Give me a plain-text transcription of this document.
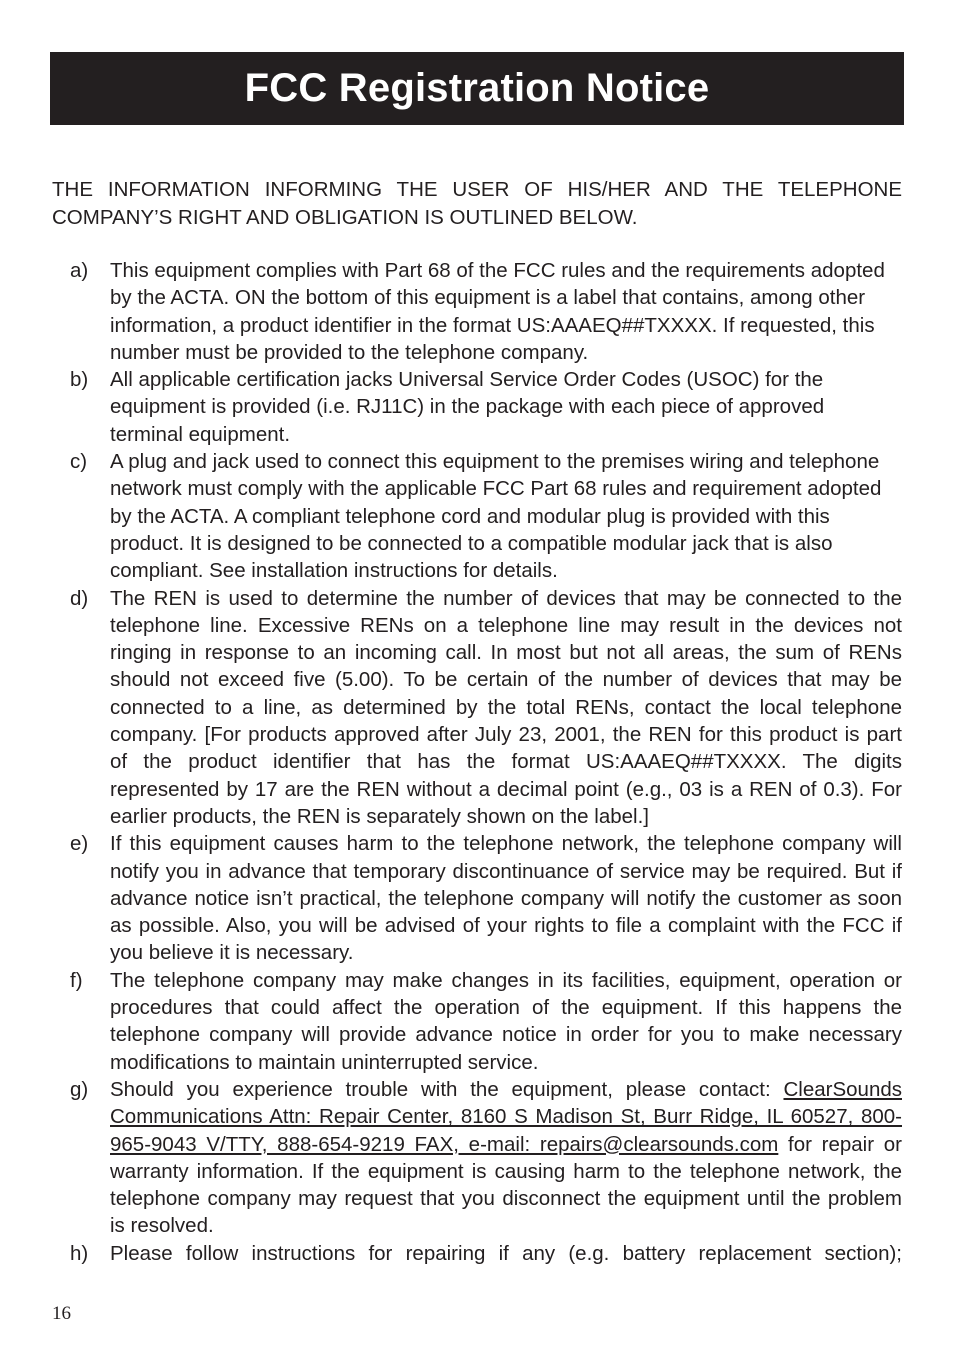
FCC Registration Notice

THE INFORMATION INFORMING THE USER OF HIS/HER AND THE TELEPHONE COMPANY’S RIGHT AND OBLIGATION IS OUTLINED BELOW.

a) This equipment complies with Part 68 of the FCC rules and the requirements adopted by the ACTA. ON the bottom of this equipment is a label that contains, among other information, a product identifier in the format US:AAAEQ##TXXXX. If requested, this number must be provided to the telephone company.
b) All applicable certification jacks Universal Service Order Codes (USOC) for the equipment is provided (i.e. RJ11C) in the package with each piece of approved terminal equipment.
c) A plug and jack used to connect this equipment to the premises wiring and telephone network must comply with the applicable FCC Part 68 rules and requirement adopted by the ACTA. A compliant telephone cord and modular plug is provided with this product. It is designed to be connected to a compatible modular jack that is also compliant. See installation instructions for details.
d) The REN is used to determine the number of devices that may be connected to the telephone line. Excessive RENs on a telephone line may result in the devices not ringing in response to an incoming call. In most but not all areas, the sum of RENs should not exceed five (5.00). To be certain of the number of devices that may be connected to a line, as determined by the total RENs, contact the local telephone company. [For products approved after July 23, 2001, the REN for this product is part of the product identifier that has the format US:AAAEQ##TXXXX. The digits represented by 17 are the REN without a decimal point (e.g., 03 is a REN of 0.3). For earlier products, the REN is separately shown on the label.]
e) If this equipment causes harm to the telephone network, the telephone company will notify you in advance that temporary discontinuance of service may be required. But if advance notice isn’t practical, the telephone company will notify the customer as soon as possible. Also, you will be advised of your rights to file a complaint with the FCC if you believe it is necessary.
f) The telephone company may make changes in its facilities, equipment, operation or procedures that could affect the operation of the equipment. If this happens the telephone company will provide advance notice in order for you to make necessary modifications to maintain uninterrupted service.
g) Should you experience trouble with the equipment, please contact: ClearSounds Communications Attn: Repair Center, 8160 S Madison St, Burr Ridge, IL 60527, 800-965-9043 V/TTY, 888-654-9219 FAX, e-mail: repairs@clearsounds.com for repair or warranty information. If the equipment is causing harm to the telephone network, the telephone company may request that you disconnect the equipment until the problem is resolved.
h) Please follow instructions for repairing if any (e.g. battery replacement section);

16
